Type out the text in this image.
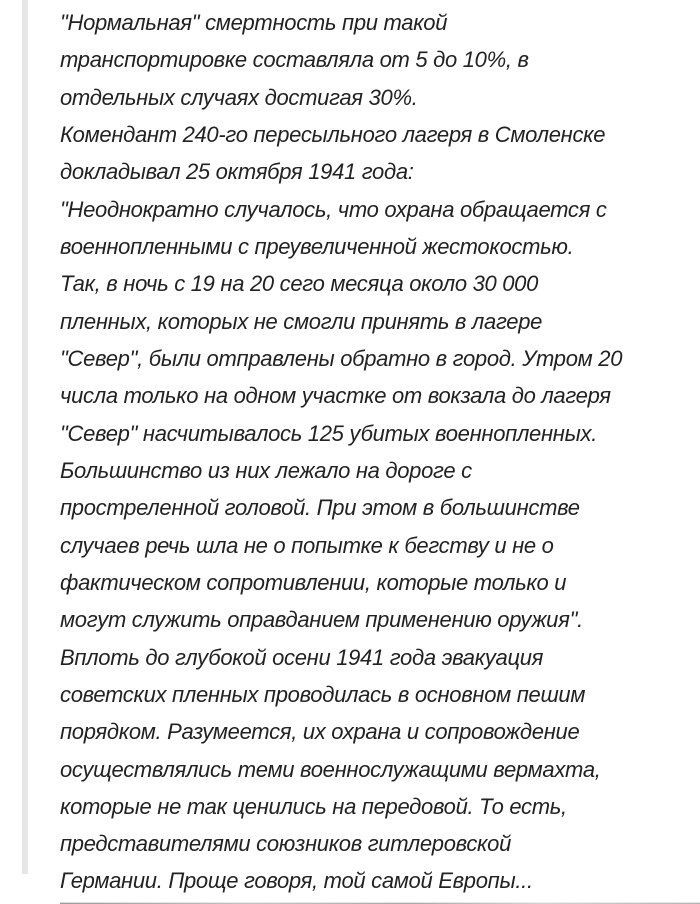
"Нормальная" смертность при такой
транспортировке составляла от 5 до 10%, в
отдельных случаях достигая 30%.
Комендант 240-го пересыльного лагеря в Смоленске
докладывал 25 октября 1941 года:
"Неоднократно случалось, что охрана обращается с
военнопленными с преувеличенной жестокостью.
Так, в ночь с 19 на 20 сего месяца около 30 000
пленных, которых не смогли принять в лагере
"Север", были отправлены обратно в город. Утром 20
числа только на одном участке от вокзала до лагеря
"Север" насчитывалось 125 убитых военнопленных.
Большинство из них лежало на дороге с
простреленной головой. При этом в большинстве
случаев речь шла не о попытке к бегству и не о
фактическом сопротивлении, которые только и
могут служить оправданием применению оружия".
Вплоть до глубокой осени 1941 года эвакуация
советских пленных проводилась в основном пешим
порядком. Разумеется, их охрана и сопровождение
осуществлялись теми военнослужащими вермахта,
которые не так ценились на передовой. То есть,
представителями союзников гитлеровской
Германии. Проще говоря, той самой Европы...
